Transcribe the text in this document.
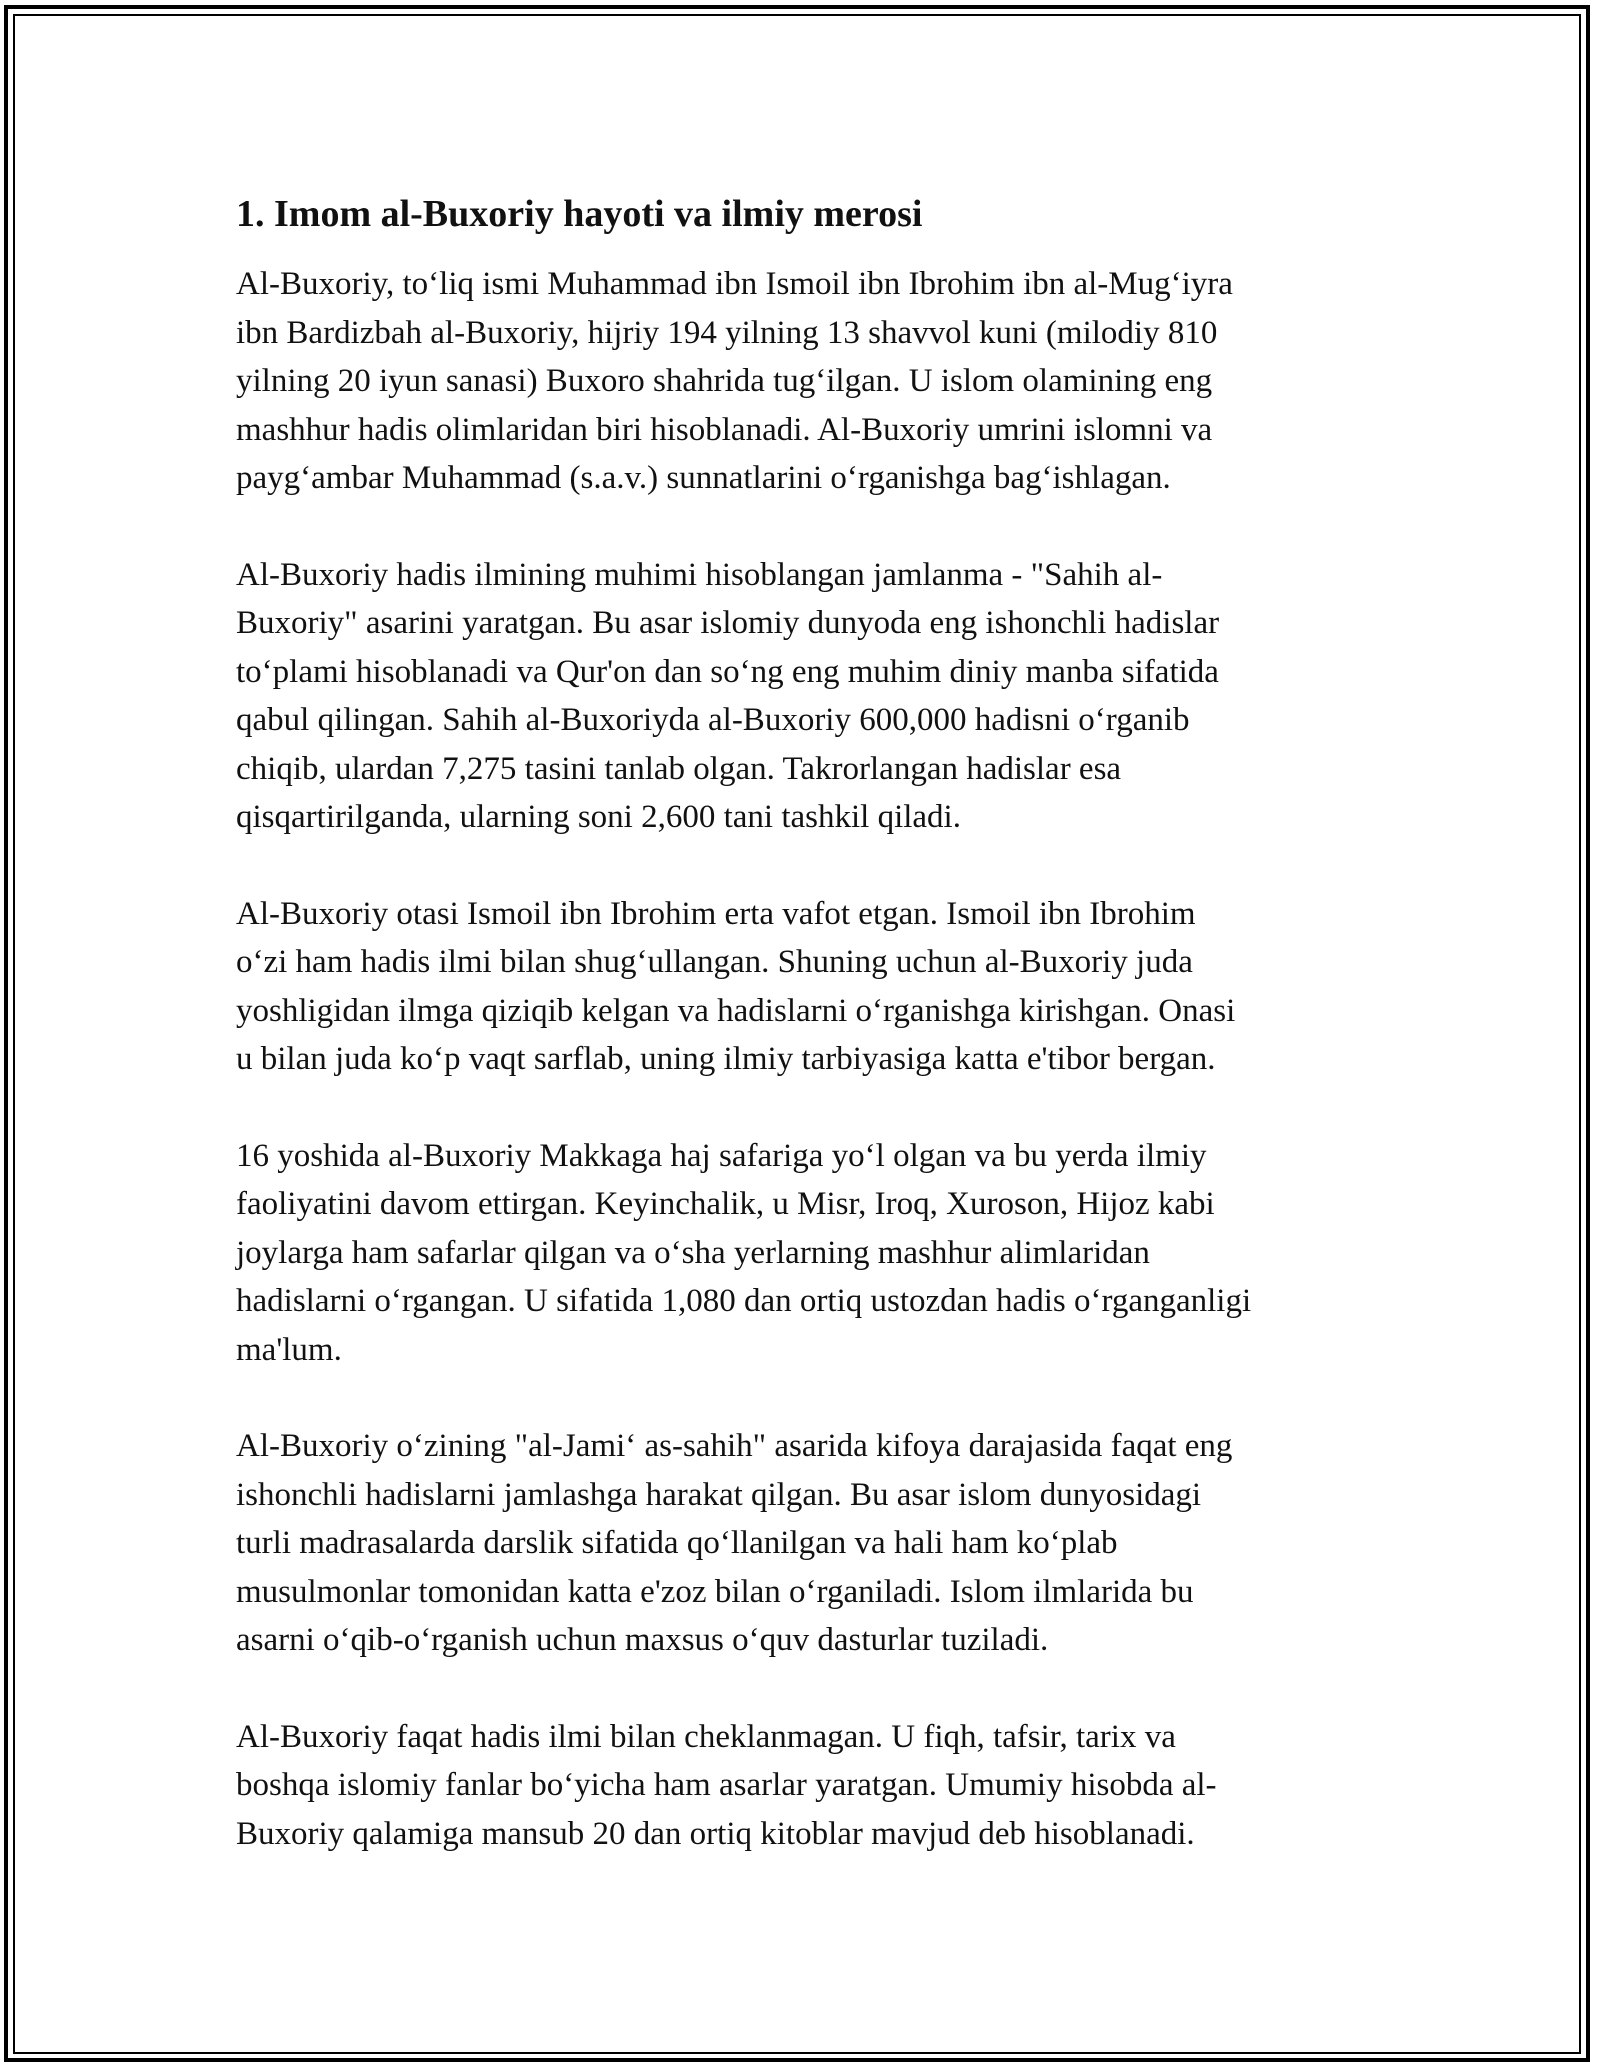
1. Imom al-Buxoriy hayoti va ilmiy merosi

Al-Buxoriy, to‘liq ismi Muhammad ibn Ismoil ibn Ibrohim ibn al-Mug‘iyra
ibn Bardizbah al-Buxoriy, hijriy 194 yilning 13 shavvol kuni (milodiy 810
yilning 20 iyun sanasi) Buxoro shahrida tug‘ilgan. U islom olamining eng
mashhur hadis olimlaridan biri hisoblanadi. Al-Buxoriy umrini islomni va
payg‘ambar Muhammad (s.a.v.) sunnatlarini o‘rganishga bag‘ishlagan.

Al-Buxoriy hadis ilmining muhimi hisoblangan jamlanma - "Sahih al-
Buxoriy" asarini yaratgan. Bu asar islomiy dunyoda eng ishonchli hadislar
to‘plami hisoblanadi va Qur'on dan so‘ng eng muhim diniy manba sifatida
qabul qilingan. Sahih al-Buxoriyda al-Buxoriy 600,000 hadisni o‘rganib
chiqib, ulardan 7,275 tasini tanlab olgan. Takrorlangan hadislar esa
qisqartirilganda, ularning soni 2,600 tani tashkil qiladi.

Al-Buxoriy otasi Ismoil ibn Ibrohim erta vafot etgan. Ismoil ibn Ibrohim
o‘zi ham hadis ilmi bilan shug‘ullangan. Shuning uchun al-Buxoriy juda
yoshligidan ilmga qiziqib kelgan va hadislarni o‘rganishga kirishgan. Onasi
u bilan juda ko‘p vaqt sarflab, uning ilmiy tarbiyasiga katta e'tibor bergan.

16 yoshida al-Buxoriy Makkaga haj safariga yo‘l olgan va bu yerda ilmiy
faoliyatini davom ettirgan. Keyinchalik, u Misr, Iroq, Xuroson, Hijoz kabi
joylarga ham safarlar qilgan va o‘sha yerlarning mashhur alimlaridan
hadislarni o‘rgangan. U sifatida 1,080 dan ortiq ustozdan hadis o‘rganganligi
ma'lum.

Al-Buxoriy o‘zining "al-Jami‘ as-sahih" asarida kifoya darajasida faqat eng
ishonchli hadislarni jamlashga harakat qilgan. Bu asar islom dunyosidagi
turli madrasalarda darslik sifatida qo‘llanilgan va hali ham ko‘plab
musulmonlar tomonidan katta e'zoz bilan o‘rganiladi. Islom ilmlarida bu
asarni o‘qib-o‘rganish uchun maxsus o‘quv dasturlar tuziladi.

Al-Buxoriy faqat hadis ilmi bilan cheklanmagan. U fiqh, tafsir, tarix va
boshqa islomiy fanlar bo‘yicha ham asarlar yaratgan. Umumiy hisobda al-
Buxoriy qalamiga mansub 20 dan ortiq kitoblar mavjud deb hisoblanadi.
